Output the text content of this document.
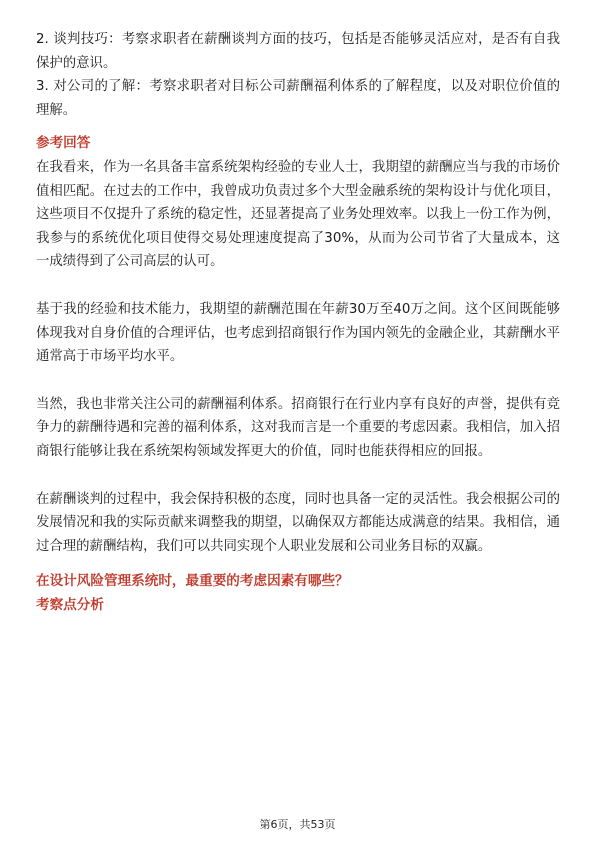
2. 谈判技巧：考察求职者在薪酬谈判方面的技巧，包括是否能够灵活应对，是否有自我保护的意识。

3. 对公司的了解：考察求职者对目标公司薪酬福利体系的了解程度，以及对职位价值的理解。

参考回答

在我看来，作为一名具备丰富系统架构经验的专业人士，我期望的薪酬应当与我的市场价值相匹配。在过去的工作中，我曾成功负责过多个大型金融系统的架构设计与优化项目，这些项目不仅提升了系统的稳定性，还显著提高了业务处理效率。以我上一份工作为例，我参与的系统优化项目使得交易处理速度提高了30%，从而为公司节省了大量成本，这一成绩得到了公司高层的认可。

基于我的经验和技术能力，我期望的薪酬范围在年薪30万至40万之间。这个区间既能够体现我对自身价值的合理评估，也考虑到招商银行作为国内领先的金融企业，其薪酬水平通常高于市场平均水平。

当然，我也非常关注公司的薪酬福利体系。招商银行在行业内享有良好的声誉，提供有竞争力的薪酬待遇和完善的福利体系，这对我而言是一个重要的考虑因素。我相信，加入招商银行能够让我在系统架构领域发挥更大的价值，同时也能获得相应的回报。

在薪酬谈判的过程中，我会保持积极的态度，同时也具备一定的灵活性。我会根据公司的发展情况和我的实际贡献来调整我的期望，以确保双方都能达成满意的结果。我相信，通过合理的薪酬结构，我们可以共同实现个人职业发展和公司业务目标的双赢。

在设计风险管理系统时，最重要的考虑因素有哪些？

考察点分析

第6页，共53页
